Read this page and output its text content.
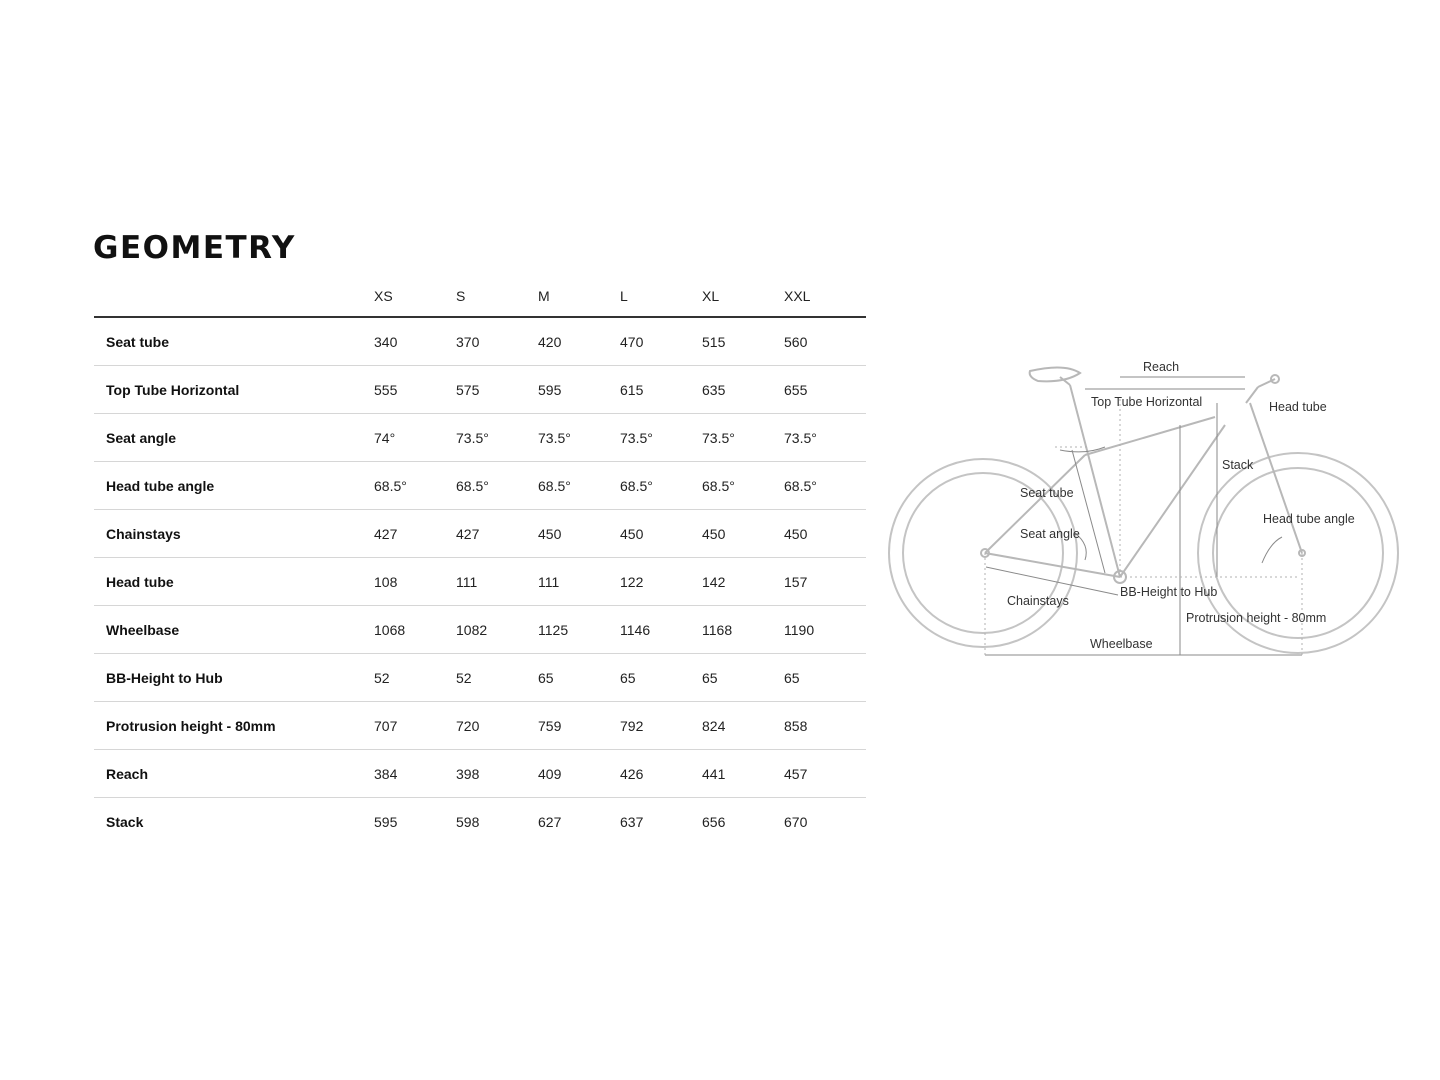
GEOMETRY
	XS	S	M	L	XL	XXL
Seat tube	340	370	420	470	515	560
Top Tube Horizontal	555	575	595	615	635	655
Seat angle	74°	73.5°	73.5°	73.5°	73.5°	73.5°
Head tube angle	68.5°	68.5°	68.5°	68.5°	68.5°	68.5°
Chainstays	427	427	450	450	450	450
Head tube	108	111	111	122	142	157
Wheelbase	1068	1082	1125	1146	1168	1190
BB-Height to Hub	52	52	65	65	65	65
Protrusion height - 80mm	707	720	759	792	824	858
Reach	384	398	409	426	441	457
Stack	595	598	627	637	656	670
Reach
Top Tube Horizontal	Head tube
Stack
Seat tube
Seat angle
Head tube angle
Chainstays
BB-Height to Hub
Protrusion height - 80mm
Wheelbase
